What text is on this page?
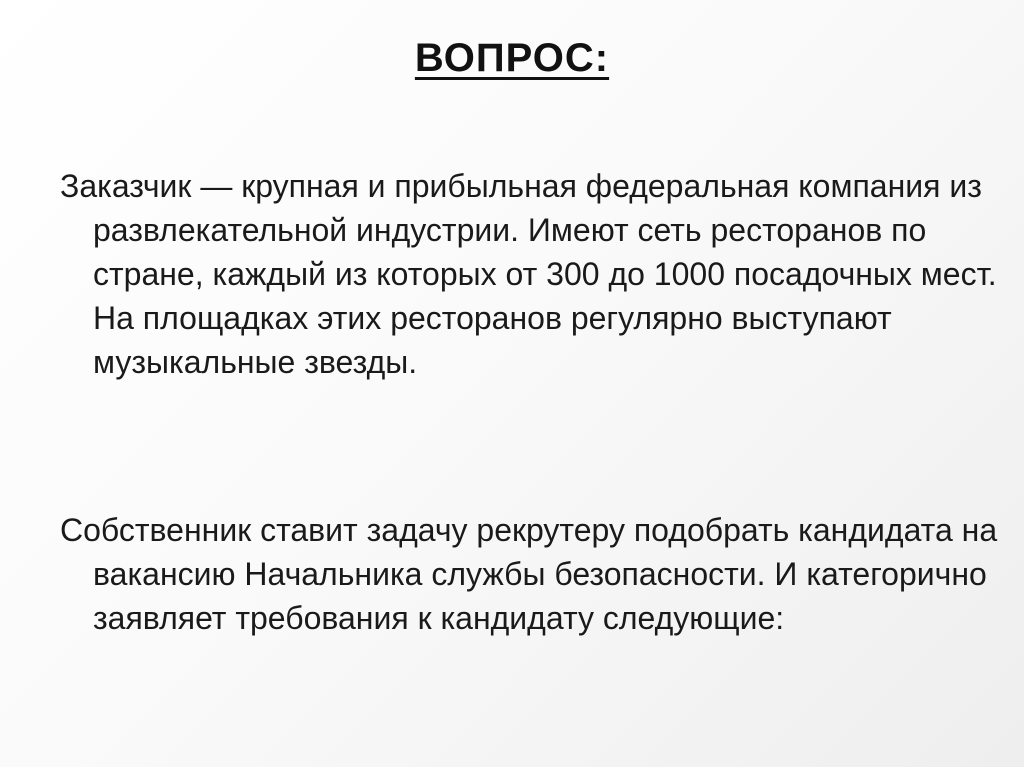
ВОПРОС:

Заказчик — крупная и прибыльная федеральная компания из развлекательной индустрии. Имеют сеть ресторанов по стране, каждый из которых от 300 до 1000 посадочных мест. На площадках этих ресторанов регулярно выступают музыкальные звезды.

Собственник ставит задачу рекрутеру подобрать кандидата на вакансию Начальника службы безопасности. И категорично заявляет требования к кандидату следующие:
